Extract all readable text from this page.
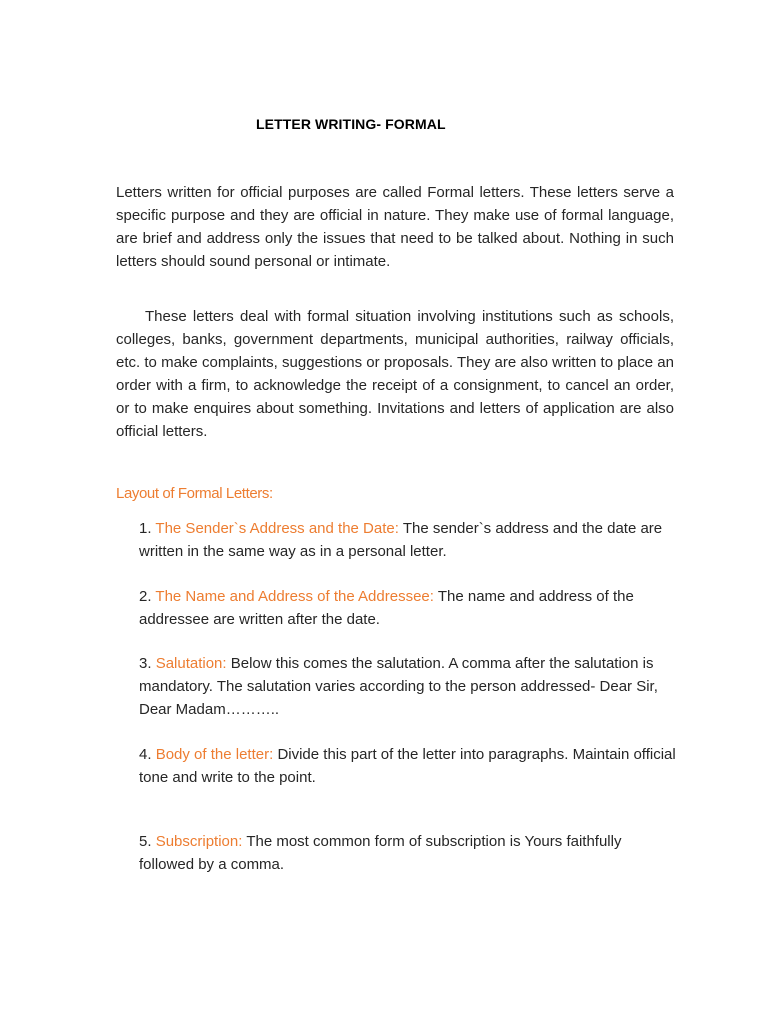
LETTER WRITING- FORMAL

Letters written for official purposes are called Formal letters. These letters serve a specific purpose and they are official in nature. They make use of formal language, are brief and address only the issues that need to be talked about. Nothing in such letters should sound personal or intimate.

These letters deal with formal situation involving institutions such as schools, colleges, banks, government departments, municipal authorities, railway officials, etc. to make complaints, suggestions or proposals. They are also written to place an order with a firm, to acknowledge the receipt of a consignment, to cancel an order, or to make enquires about something. Invitations and letters of application are also official letters.

Layout of Formal Letters:

1. The Sender`s Address and the Date: The sender`s address and the date are written in the same way as in a personal letter.

2. The Name and Address of the Addressee: The name and address of the addressee are written after the date.

3. Salutation: Below this comes the salutation. A comma after the salutation is mandatory. The salutation varies according to the person addressed- Dear Sir, Dear Madam………..

4. Body of the letter: Divide this part of the letter into paragraphs. Maintain official tone and write to the point.

5. Subscription: The most common form of subscription is Yours faithfully followed by a comma.
